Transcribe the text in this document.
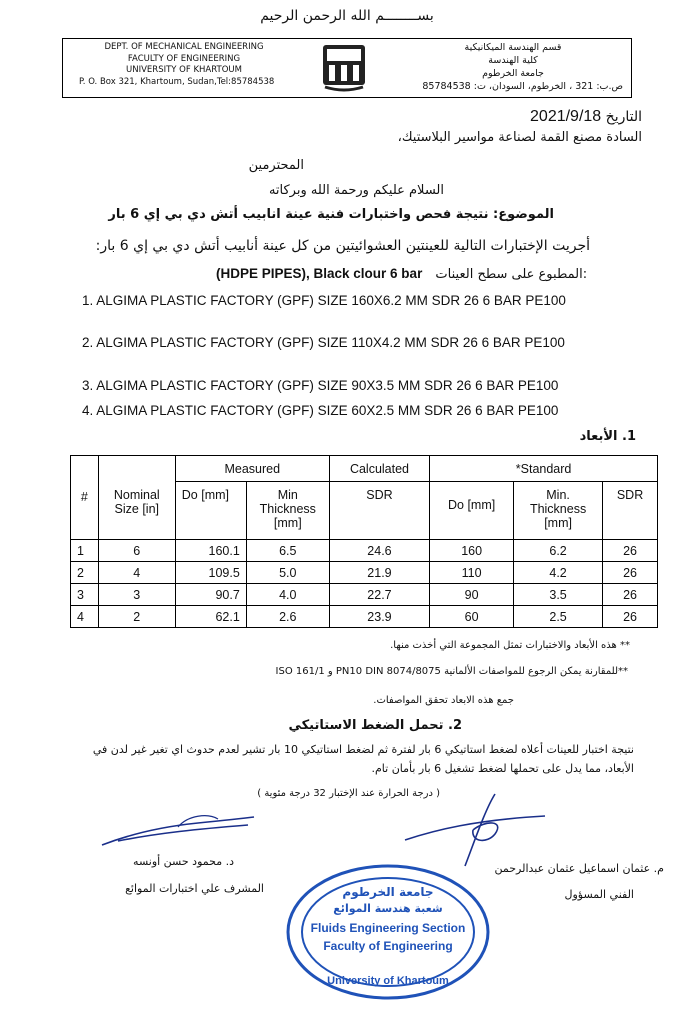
بســــــــم الله الرحمن الرحيم
DEPT. OF MECHANICAL ENGINEERING
FACULTY OF ENGINEERING
UNIVERSITY OF KHARTOUM
P. O. Box 321, Khartoum, Sudan,Tel:85784538
قسم الهندسة الميكانيكية
كلية الهندسة
جامعة الخرطوم
ص.ب: 321 ، الخرطوم، السودان، ت: 85784538
التاريخ 2021/9/18
السادة مصنع القمة لصناعة مواسير البلاستيك،
المحترمين
السلام عليكم ورحمة الله وبركاته
الموضوع: نتيجة فحص واختبارات فنية عينة انابيب أتش دي بي إي 6 بار
أجريت الإختبارات التالية للعينتين العشوائيتين من كل عينة أنابيب أتش دي بي إي 6 بار:
(HDPE PIPES), Black clour 6 bar المطبوع على سطح العينات:
1. ALGIMA PLASTIC FACTORY (GPF) SIZE 160X6.2 MM SDR 26 6 BAR PE100
2. ALGIMA PLASTIC FACTORY (GPF) SIZE 110X4.2 MM SDR 26 6 BAR PE100
3. ALGIMA PLASTIC FACTORY (GPF) SIZE 90X3.5 MM SDR 26 6 BAR PE100
4. ALGIMA PLASTIC FACTORY (GPF) SIZE 60X2.5 MM SDR 26 6 BAR PE100
1. الأبعاد
		Measured		Calculated	*Standard		
#	Nominal Size [in]	Do [mm]	Min Thickness [mm]	SDR	Do [mm]	Min. Thickness [mm]	SDR
1	6	160.1	6.5	24.6	160	6.2	26
2	4	109.5	5.0	21.9	110	4.2	26
3	3	90.7	4.0	22.7	90	3.5	26
4	2	62.1	2.6	23.9	60	2.5	26
** هذه الأبعاد والاختبارات تمثل المجموعة التي أخذت منها.
**للمقارنة يمكن الرجوع للمواصفات الألمانية PN10 DIN 8074/8075 و ISO 161/1
جمع هذه الابعاد تحقق المواصفات.
2. تحمل الضغط الاستاتيكي
نتيجة اختبار للعينات أعلاه لضغط استاتيكي 6 بار لفترة ثم لضغط استاتيكي 10 بار تشير لعدم حدوث اي تغير غير لدن في الأبعاد، مما يدل على تحملها لضغط تشغيل 6 بار بأمان تام.
( درجة الحرارة عند الإختبار 32 درجة مئوية )
د. محمود حسن أونسه
المشرف علي اختبارات الموائع
م. عثمان اسماعيل عثمان عبدالرحمن
الفني المسؤول
جامعة الخرطوم
شعبة هندسة الموائع
Fluids Engineering Section
Faculty of Engineering
University of Khartoum
